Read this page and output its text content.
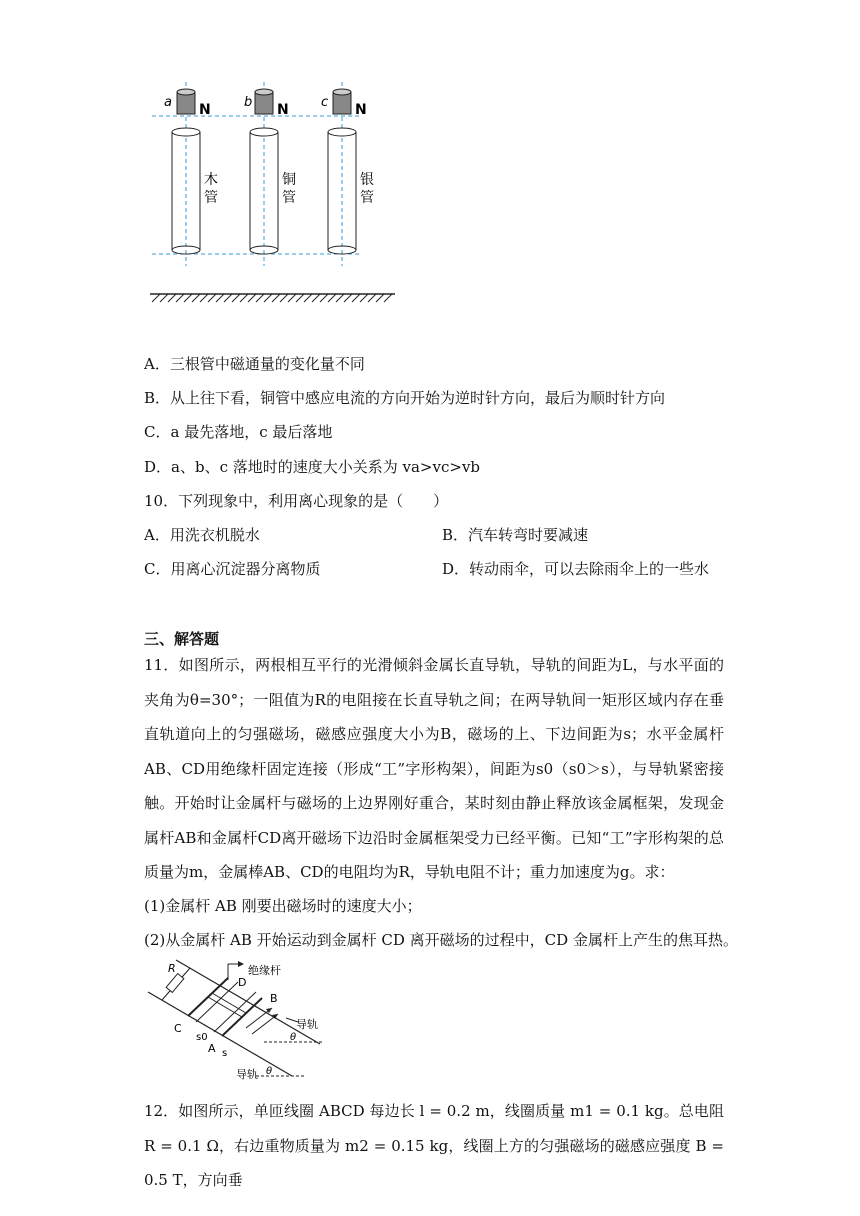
a N
木
管
b N
铜
管
c N
银
管
A．三根管中磁通量的变化量不同
B．从上往下看，铜管中感应电流的方向开始为逆时针方向，最后为顺时针方向
C．a 最先落地，c 最后落地
D．a、b、c 落地时的速度大小关系为 va>vc>vb
10．下列现象中，利用离心现象的是（　　）
A．用洗衣机脱水	B．汽车转弯时要减速
C．用离心沉淀器分离物质	D．转动雨伞，可以去除雨伞上的一些水
三、解答题

11．如图所示，两根相互平行的光滑倾斜金属长直导轨，导轨的间距为L，与水平面的夹角为θ=30°；一阻值为R的电阻接在长直导轨之间；在两导轨间一矩形区域内存在垂直轨道向上的匀强磁场，磁感应强度大小为B，磁场的上、下边间距为s；水平金属杆AB、CD用绝缘杆固定连接（形成“工”字形构架），间距为s0（s0＞s），与导轨紧密接触。开始时让金属杆与磁场的上边界刚好重合，某时刻由静止释放该金属框架，发现金属杆AB和金属杆CD离开磁场下边沿时金属框架受力已经平衡。已知“工”字形构架的总质量为m，金属棒AB、CD的电阻均为R，导轨电阻不计；重力加速度为g。求：

(1)金属杆 AB 刚要出磁场时的速度大小；
(2)从金属杆 AB 开始运动到金属杆 CD 离开磁场的过程中，CD 金属杆上产生的焦耳热。
R
D
B
C
s0
A s
绝缘杆
导轨
导轨
θ
θ

12．如图所示，单匝线圈 ABCD 每边长 l = 0.2 m，线圈质量 m1 = 0.1 kg。总电阻 R = 0.1 Ω，右边重物质量为 m2 = 0.15 kg，线圈上方的匀强磁场的磁感应强度 B = 0.5 T，方向垂
